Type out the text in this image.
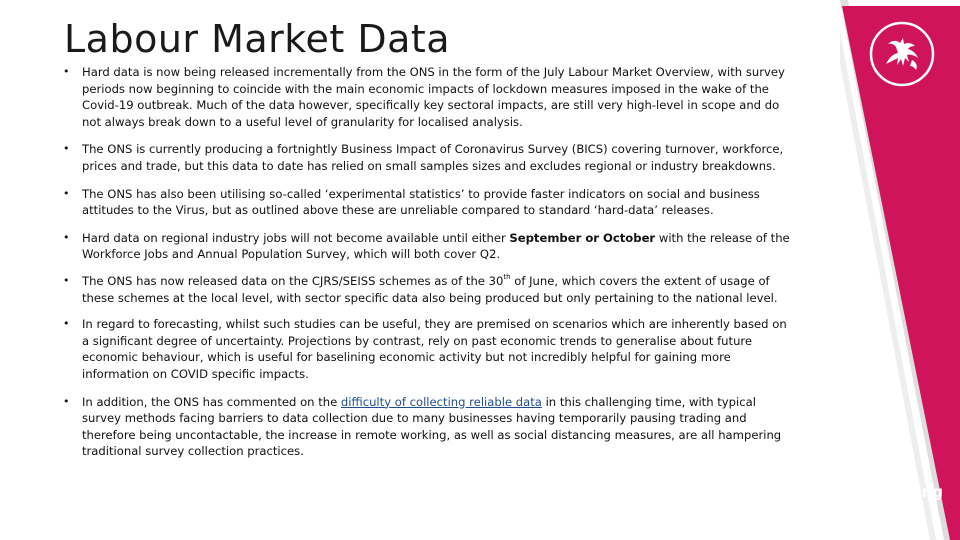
Labour Market Data
• Hard data is now being released incrementally from the ONS in the form of the July Labour Market Overview, with survey periods now beginning to coincide with the main economic impacts of lockdown measures imposed in the wake of the Covid-19 outbreak. Much of the data however, specifically key sectoral impacts, are still very high-level in scope and do not always break down to a useful level of granularity for localised analysis.
• The ONS is currently producing a fortnightly Business Impact of Coronavirus Survey (BICS) covering turnover, workforce, prices and trade, but this data to date has relied on small samples sizes and excludes regional or industry breakdowns.
• The ONS has also been utilising so-called ‘experimental statistics’ to provide faster indicators on social and business attitudes to the Virus, but as outlined above these are unreliable compared to standard ‘hard-data’ releases.
• Hard data on regional industry jobs will not become available until either September or October with the release of the Workforce Jobs and Annual Population Survey, which will both cover Q2.
• The ONS has now released data on the CJRS/SEISS schemes as of the 30th of June, which covers the extent of usage of these schemes at the local level, with sector specific data also being produced but only pertaining to the national level.
• In regard to forecasting, whilst such studies can be useful, they are premised on scenarios which are inherently based on a significant degree of uncertainty. Projections by contrast, rely on past economic trends to generalise about future economic behaviour, which is useful for baselining economic activity but not incredibly helpful for gaining more information on COVID specific impacts.
• In addition, the ONS has commented on the difficulty of collecting reliable data in this challenging time, with typical survey methods facing barriers to data collection due to many businesses having temporarily pausing trading and therefore being uncontactable, the increase in remote working, as well as social distancing measures, are all hampering traditional survey collection practices.
Improving
LIVES
